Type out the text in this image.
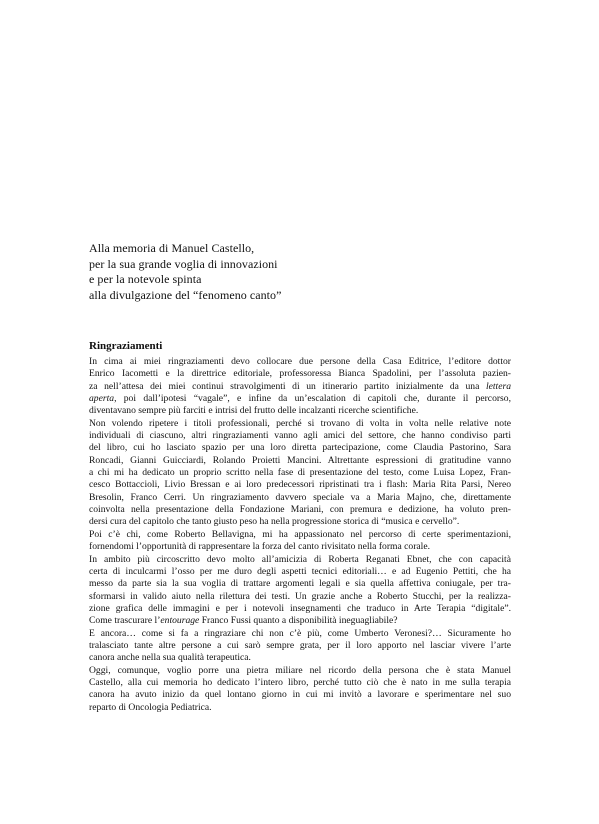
Alla memoria di Manuel Castello,
per la sua grande voglia di innovazioni
e per la notevole spinta
alla divulgazione del “fenomeno canto”
Ringraziamenti
In cima ai miei ringraziamenti devo collocare due persone della Casa Editrice, l’editore dottor
Enrico Iacometti e la direttrice editoriale, professoressa Bianca Spadolini, per l’assoluta pazien-
za nell’attesa dei miei continui stravolgimenti di un itinerario partito inizialmente da una lettera
aperta, poi dall’ipotesi “vagale”, e infine da un’escalation di capitoli che, durante il percorso,
diventavano sempre più farciti e intrisi del frutto delle incalzanti ricerche scientifiche.
Non volendo ripetere i titoli professionali, perché si trovano di volta in volta nelle relative note
individuali di ciascuno, altri ringraziamenti vanno agli amici del settore, che hanno condiviso parti
del libro, cui ho lasciato spazio per una loro diretta partecipazione, come Claudia Pastorino, Sara
Roncadi, Gianni Guicciardi, Rolando Proietti Mancini. Altrettante espressioni di gratitudine vanno
a chi mi ha dedicato un proprio scritto nella fase di presentazione del testo, come Luisa Lopez, Fran-
cesco Bottaccioli, Livio Bressan e ai loro predecessori ripristinati tra i flash: Maria Rita Parsi, Nereo
Bresolin, Franco Cerri. Un ringraziamento davvero speciale va a Maria Majno, che, direttamente
coinvolta nella presentazione della Fondazione Mariani, con premura e dedizione, ha voluto pren-
dersi cura del capitolo che tanto giusto peso ha nella progressione storica di “musica e cervello”.
Poi c’è chi, come Roberto Bellavigna, mi ha appassionato nel percorso di certe sperimentazioni,
fornendomi l’opportunità di rappresentare la forza del canto rivisitato nella forma corale.
In ambito più circoscritto devo molto all’amicizia di Roberta Reganati Ebnet, che con capacità
certa di inculcarmi l’osso per me duro degli aspetti tecnici editoriali… e ad Eugenio Pettiti, che ha
messo da parte sia la sua voglia di trattare argomenti legali e sia quella affettiva coniugale, per tra-
sformarsi in valido aiuto nella rilettura dei testi. Un grazie anche a Roberto Stucchi, per la realizza-
zione grafica delle immagini e per i notevoli insegnamenti che traduco in Arte Terapia “digitale”.
Come trascurare l’entourage Franco Fussi quanto a disponibilità ineguagliabile?
E ancora… come si fa a ringraziare chi non c’è più, come Umberto Veronesi?… Sicuramente ho
tralasciato tante altre persone a cui sarò sempre grata, per il loro apporto nel lasciar vivere l’arte
canora anche nella sua qualità terapeutica.
Oggi, comunque, voglio porre una pietra miliare nel ricordo della persona che è stata Manuel
Castello, alla cui memoria ho dedicato l’intero libro, perché tutto ciò che è nato in me sulla terapia
canora ha avuto inizio da quel lontano giorno in cui mi invitò a lavorare e sperimentare nel suo
reparto di Oncologia Pediatrica.
